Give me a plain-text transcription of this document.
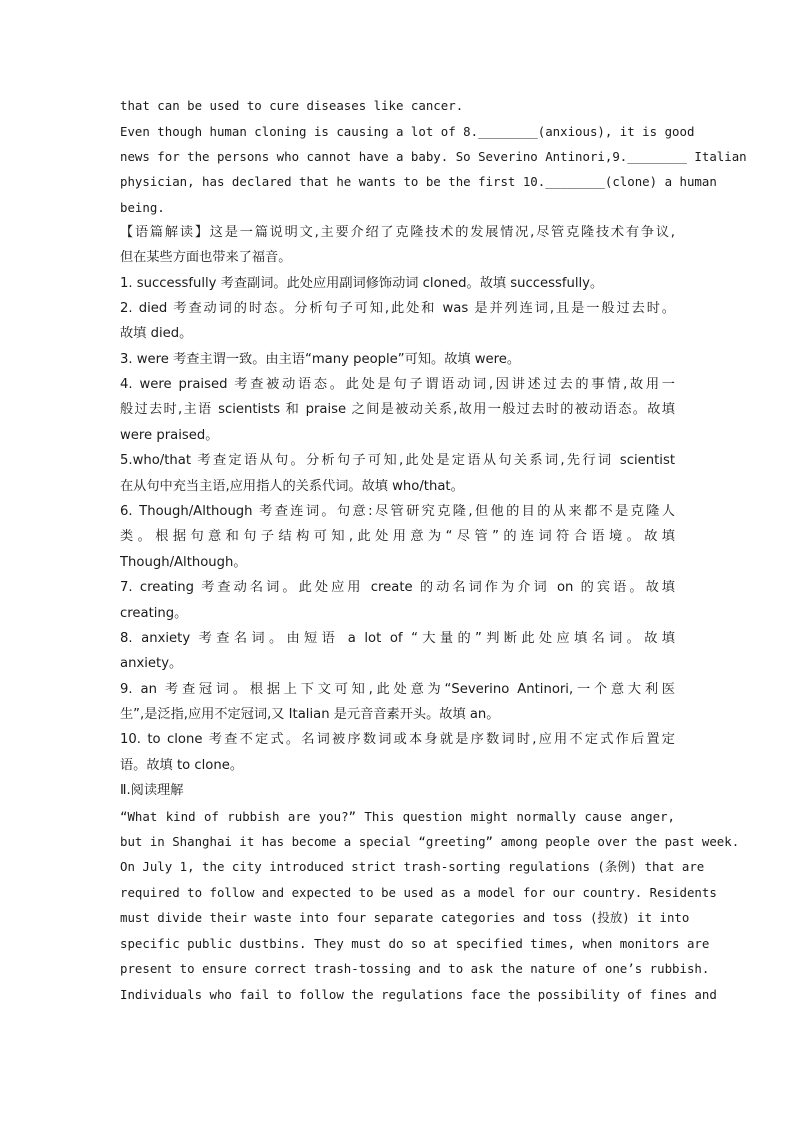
that can be used to cure diseases like cancer.
Even though human cloning is causing a lot of 8.________(anxious), it is good
news for the persons who cannot have a baby. So Severino Antinori,9.________ Italian
physician, has declared that he wants to be the first 10.________(clone) a human
being.
【语篇解读】这是一篇说明文,主要介绍了克隆技术的发展情况,尽管克隆技术有争议,
但在某些方面也带来了福音。
1. successfully 考查副词。此处应用副词修饰动词 cloned。故填 successfully。
2. died 考查动词的时态。分析句子可知,此处和 was 是并列连词,且是一般过去时。
故填 died。
3. were 考查主谓一致。由主语“many people”可知。故填 were。
4. were praised 考查被动语态。此处是句子谓语动词,因讲述过去的事情,故用一
般过去时,主语 scientists 和 praise 之间是被动关系,故用一般过去时的被动语态。故填
were praised。
5.who/that 考查定语从句。分析句子可知,此处是定语从句关系词,先行词 scientist
在从句中充当主语,应用指人的关系代词。故填 who/that。
6. Though/Although 考查连词。句意:尽管研究克隆,但他的目的从来都不是克隆人
类。根据句意和句子结构可知,此处用意为“尽管”的连词符合语境。故填
Though/Although。
7. creating 考查动名词。此处应用 create 的动名词作为介词 on 的宾语。故填
creating。
8. anxiety 考查名词。由短语 a lot of “大量的”判断此处应填名词。故填
anxiety。
9. an 考查冠词。根据上下文可知,此处意为“Severino Antinori,一个意大利医
生”,是泛指,应用不定冠词,又 Italian 是元音音素开头。故填 an。
10. to clone 考查不定式。名词被序数词或本身就是序数词时,应用不定式作后置定
语。故填 to clone。
Ⅱ.阅读理解
“What kind of rubbish are you?” This question might normally cause anger,
but in Shanghai it has become a special “greeting” among people over the past week.
On July 1, the city introduced strict trash-sorting regulations (条例) that are
required to follow and expected to be used as a model for our country. Residents
must divide their waste into four separate categories and toss (投放) it into
specific public dustbins. They must do so at specified times, when monitors are
present to ensure correct trash-tossing and to ask the nature of one’s rubbish.
Individuals who fail to follow the regulations face the possibility of fines and
